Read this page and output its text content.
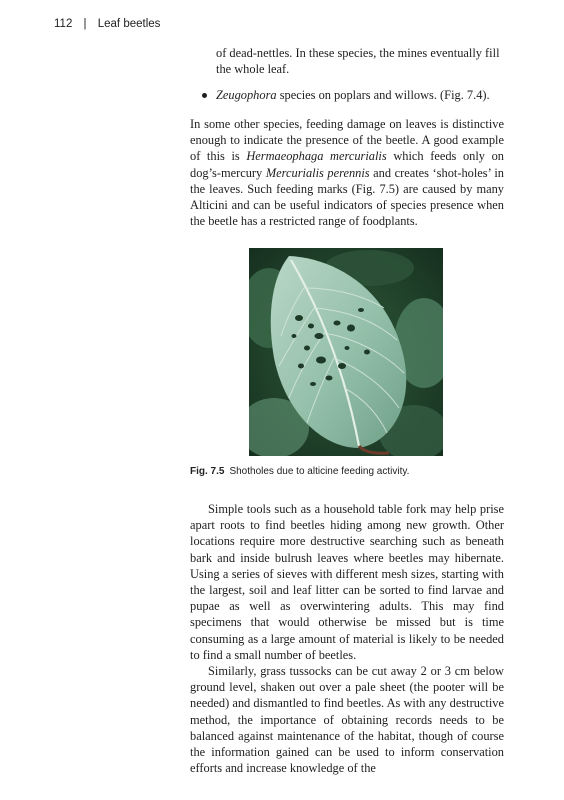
112 | Leaf beetles

of dead-nettles. In these species, the mines eventually fill the whole leaf.

Zeugophora species on poplars and willows. (Fig. 7.4).

In some other species, feeding damage on leaves is distinctive enough to indicate the presence of the beetle. A good example of this is Hermaeophaga mercurialis which feeds only on dog’s-mercury Mercurialis perennis and creates ‘shot-holes’ in the leaves. Such feeding marks (Fig. 7.5) are caused by many Alticini and can be useful indicators of species presence when the beetle has a restricted range of foodplants.

Fig. 7.5 Shotholes due to alticine feeding activity.

Simple tools such as a household table fork may help prise apart roots to find beetles hiding among new growth. Other locations require more destructive searching such as beneath bark and inside bulrush leaves where beetles may hibernate. Using a series of sieves with different mesh sizes, starting with the largest, soil and leaf litter can be sorted to find larvae and pupae as well as overwintering adults. This may find specimens that would otherwise be missed but is time consuming as a large amount of material is likely to be needed to find a small number of beetles.

Similarly, grass tussocks can be cut away 2 or 3 cm below ground level, shaken out over a pale sheet (the pooter will be needed) and dismantled to find beetles. As with any destructive method, the importance of obtaining records needs to be balanced against maintenance of the habitat, though of course the information gained can be used to inform conservation efforts and increase knowledge of the
